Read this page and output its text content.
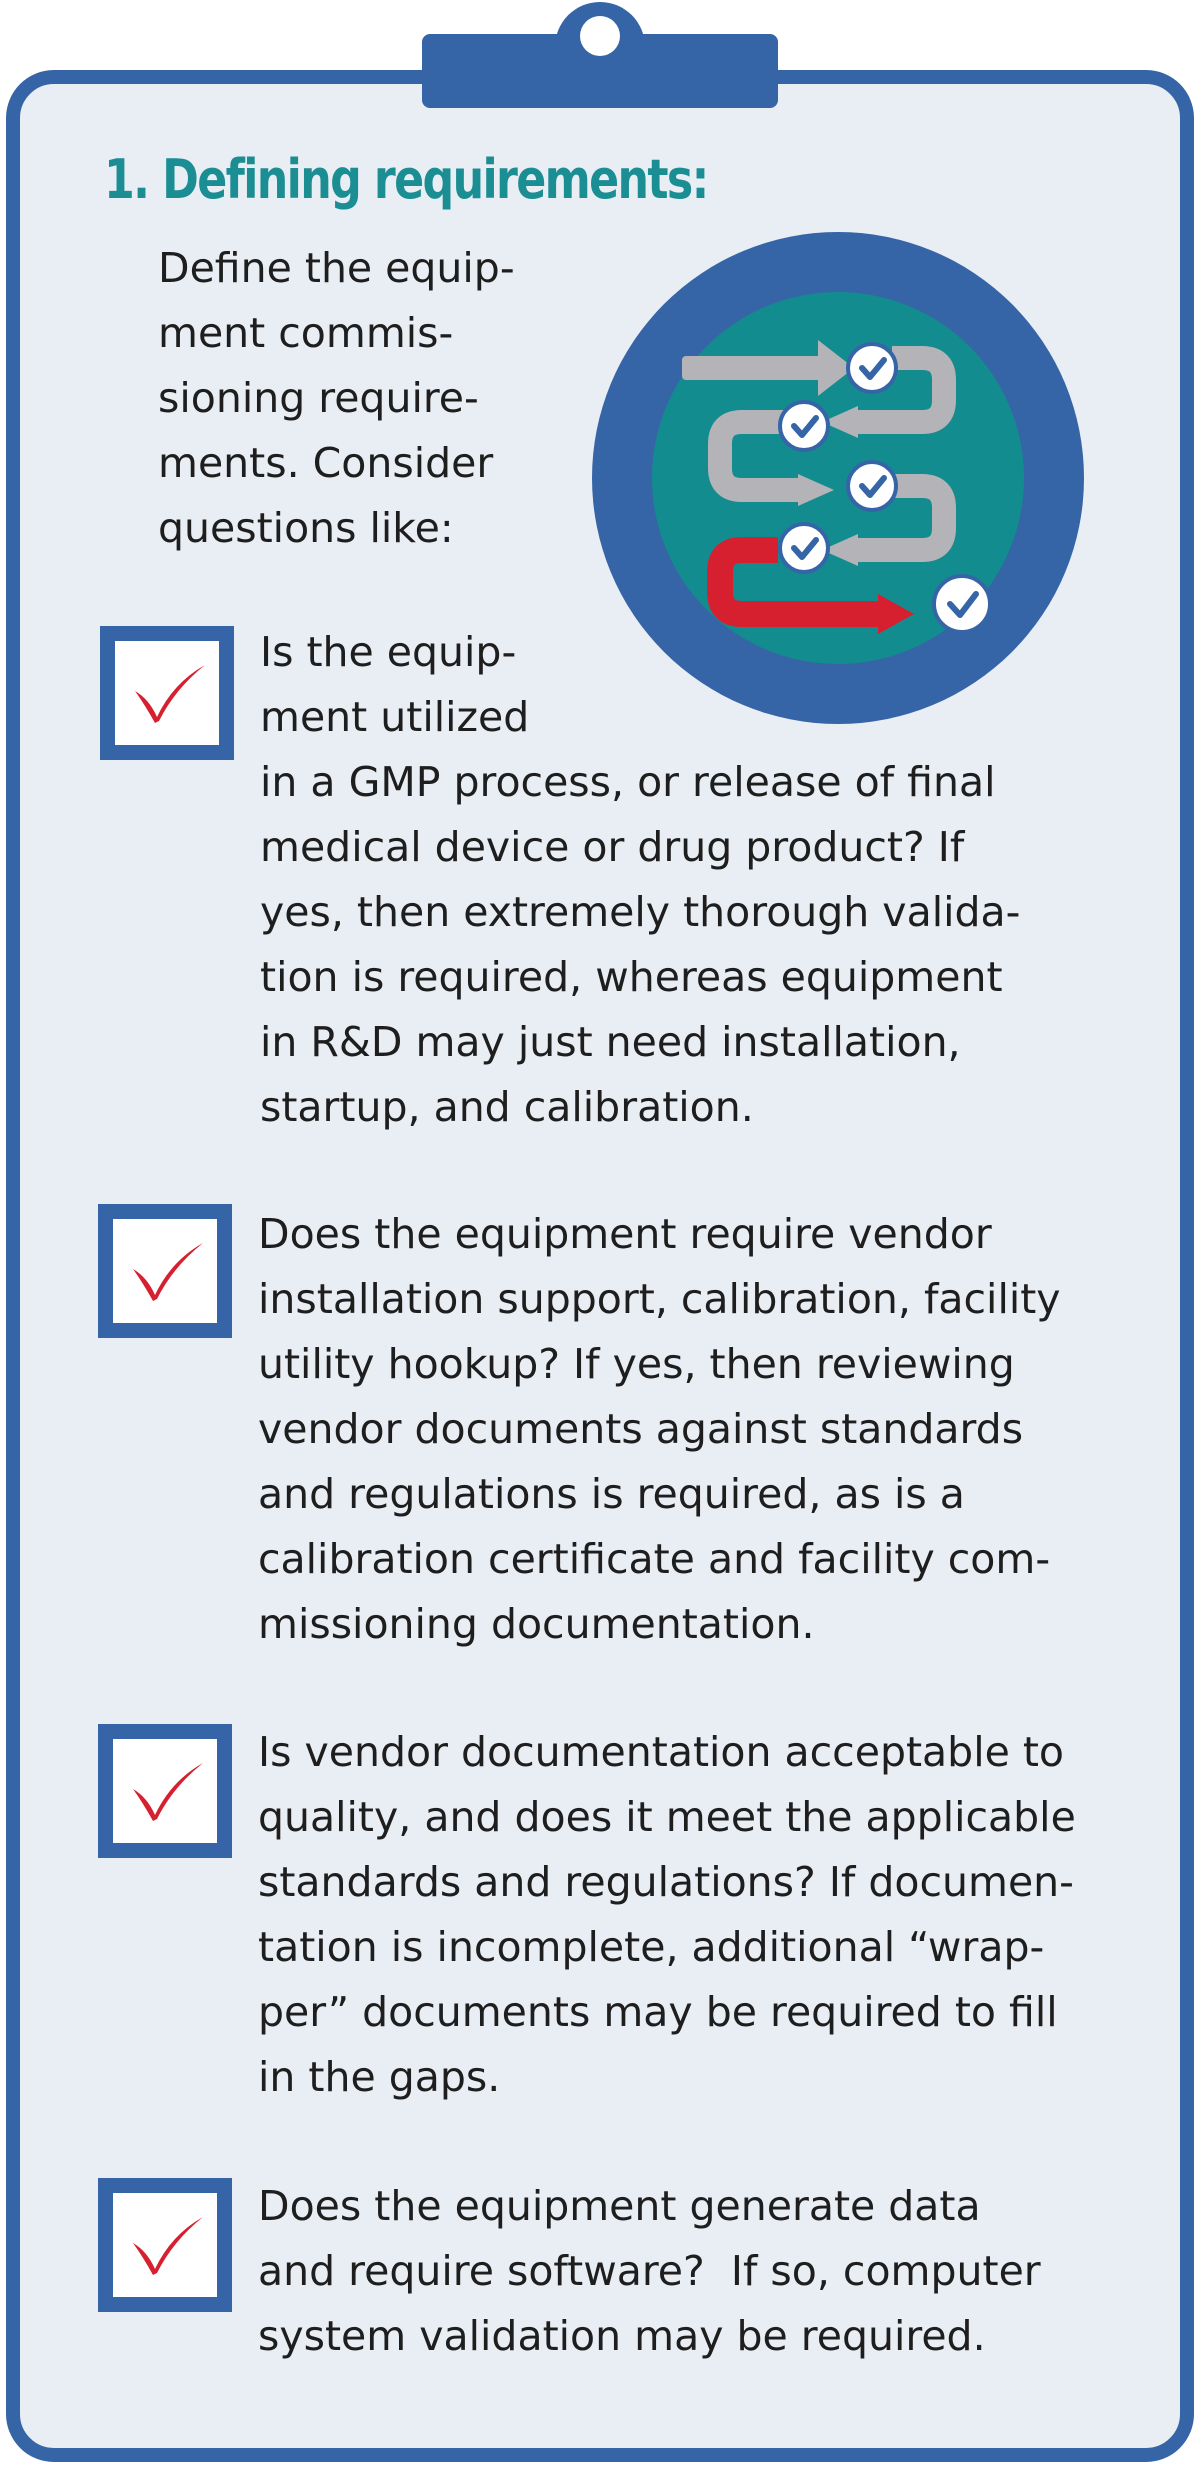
1. Defining requirements:

Define the equip-
ment commis-
sioning require-
ments. Consider
questions like:

Is the equip-
ment utilized
in a GMP process, or release of final
medical device or drug product? If
yes, then extremely thorough valida-
tion is required, whereas equipment
in R&D may just need installation,
startup, and calibration.

Does the equipment require vendor
installation support, calibration, facility
utility hookup? If yes, then reviewing
vendor documents against standards
and regulations is required, as is a
calibration certificate and facility com-
missioning documentation.

Is vendor documentation acceptable to
quality, and does it meet the applicable
standards and regulations? If documen-
tation is incomplete, additional “wrap-
per” documents may be required to fill
in the gaps.

Does the equipment generate data
and require software?  If so, computer
system validation may be required.
